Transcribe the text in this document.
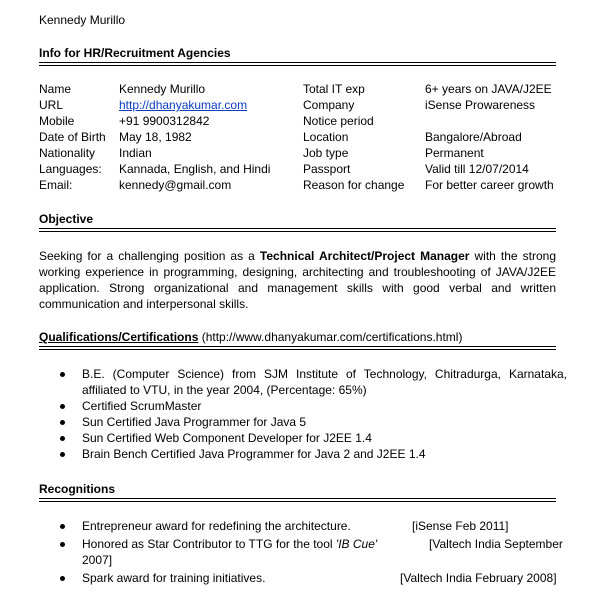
Kennedy Murillo
Info for HR/Recruitment Agencies
Name	Kennedy Murillo	Total IT exp	6+ years on JAVA/J2EE
URL	http://dhanyakumar.com	Company	iSense Prowareness
Mobile	+91 9900312842	Notice period
Date of Birth May 18, 1982	Location	Bangalore/Abroad
Nationality Indian	Job type	Permanent
Languages: Kannada, English, and Hindi	Passport	Valid till 12/07/2014
Email:	kennedy@gmail.com	Reason for change For better career growth
Objective
Seeking for a challenging position as a Technical Architect/Project Manager with the strong working experience in programming, designing, architecting and troubleshooting of JAVA/J2EE application. Strong organizational and management skills with good verbal and written communication and interpersonal skills.
Qualifications/Certifications (http://www.dhanyakumar.com/certifications.html)
B.E. (Computer Science) from SJM Institute of Technology, Chitradurga, Karnataka, affiliated to VTU, in the year 2004, (Percentage: 65%)
Certified ScrumMaster
Sun Certified Java Programmer for Java 5
Sun Certified Web Component Developer for J2EE 1.4
Brain Bench Certified Java Programmer for Java 2 and J2EE 1.4
Recognitions
Entrepreneur award for redefining the architecture.	[iSense Feb 2011]
Honored as Star Contributor to TTG for the tool 'IB Cue'	[Valtech India September
2007]
Spark award for training initiatives.	[Valtech India February 2008]
